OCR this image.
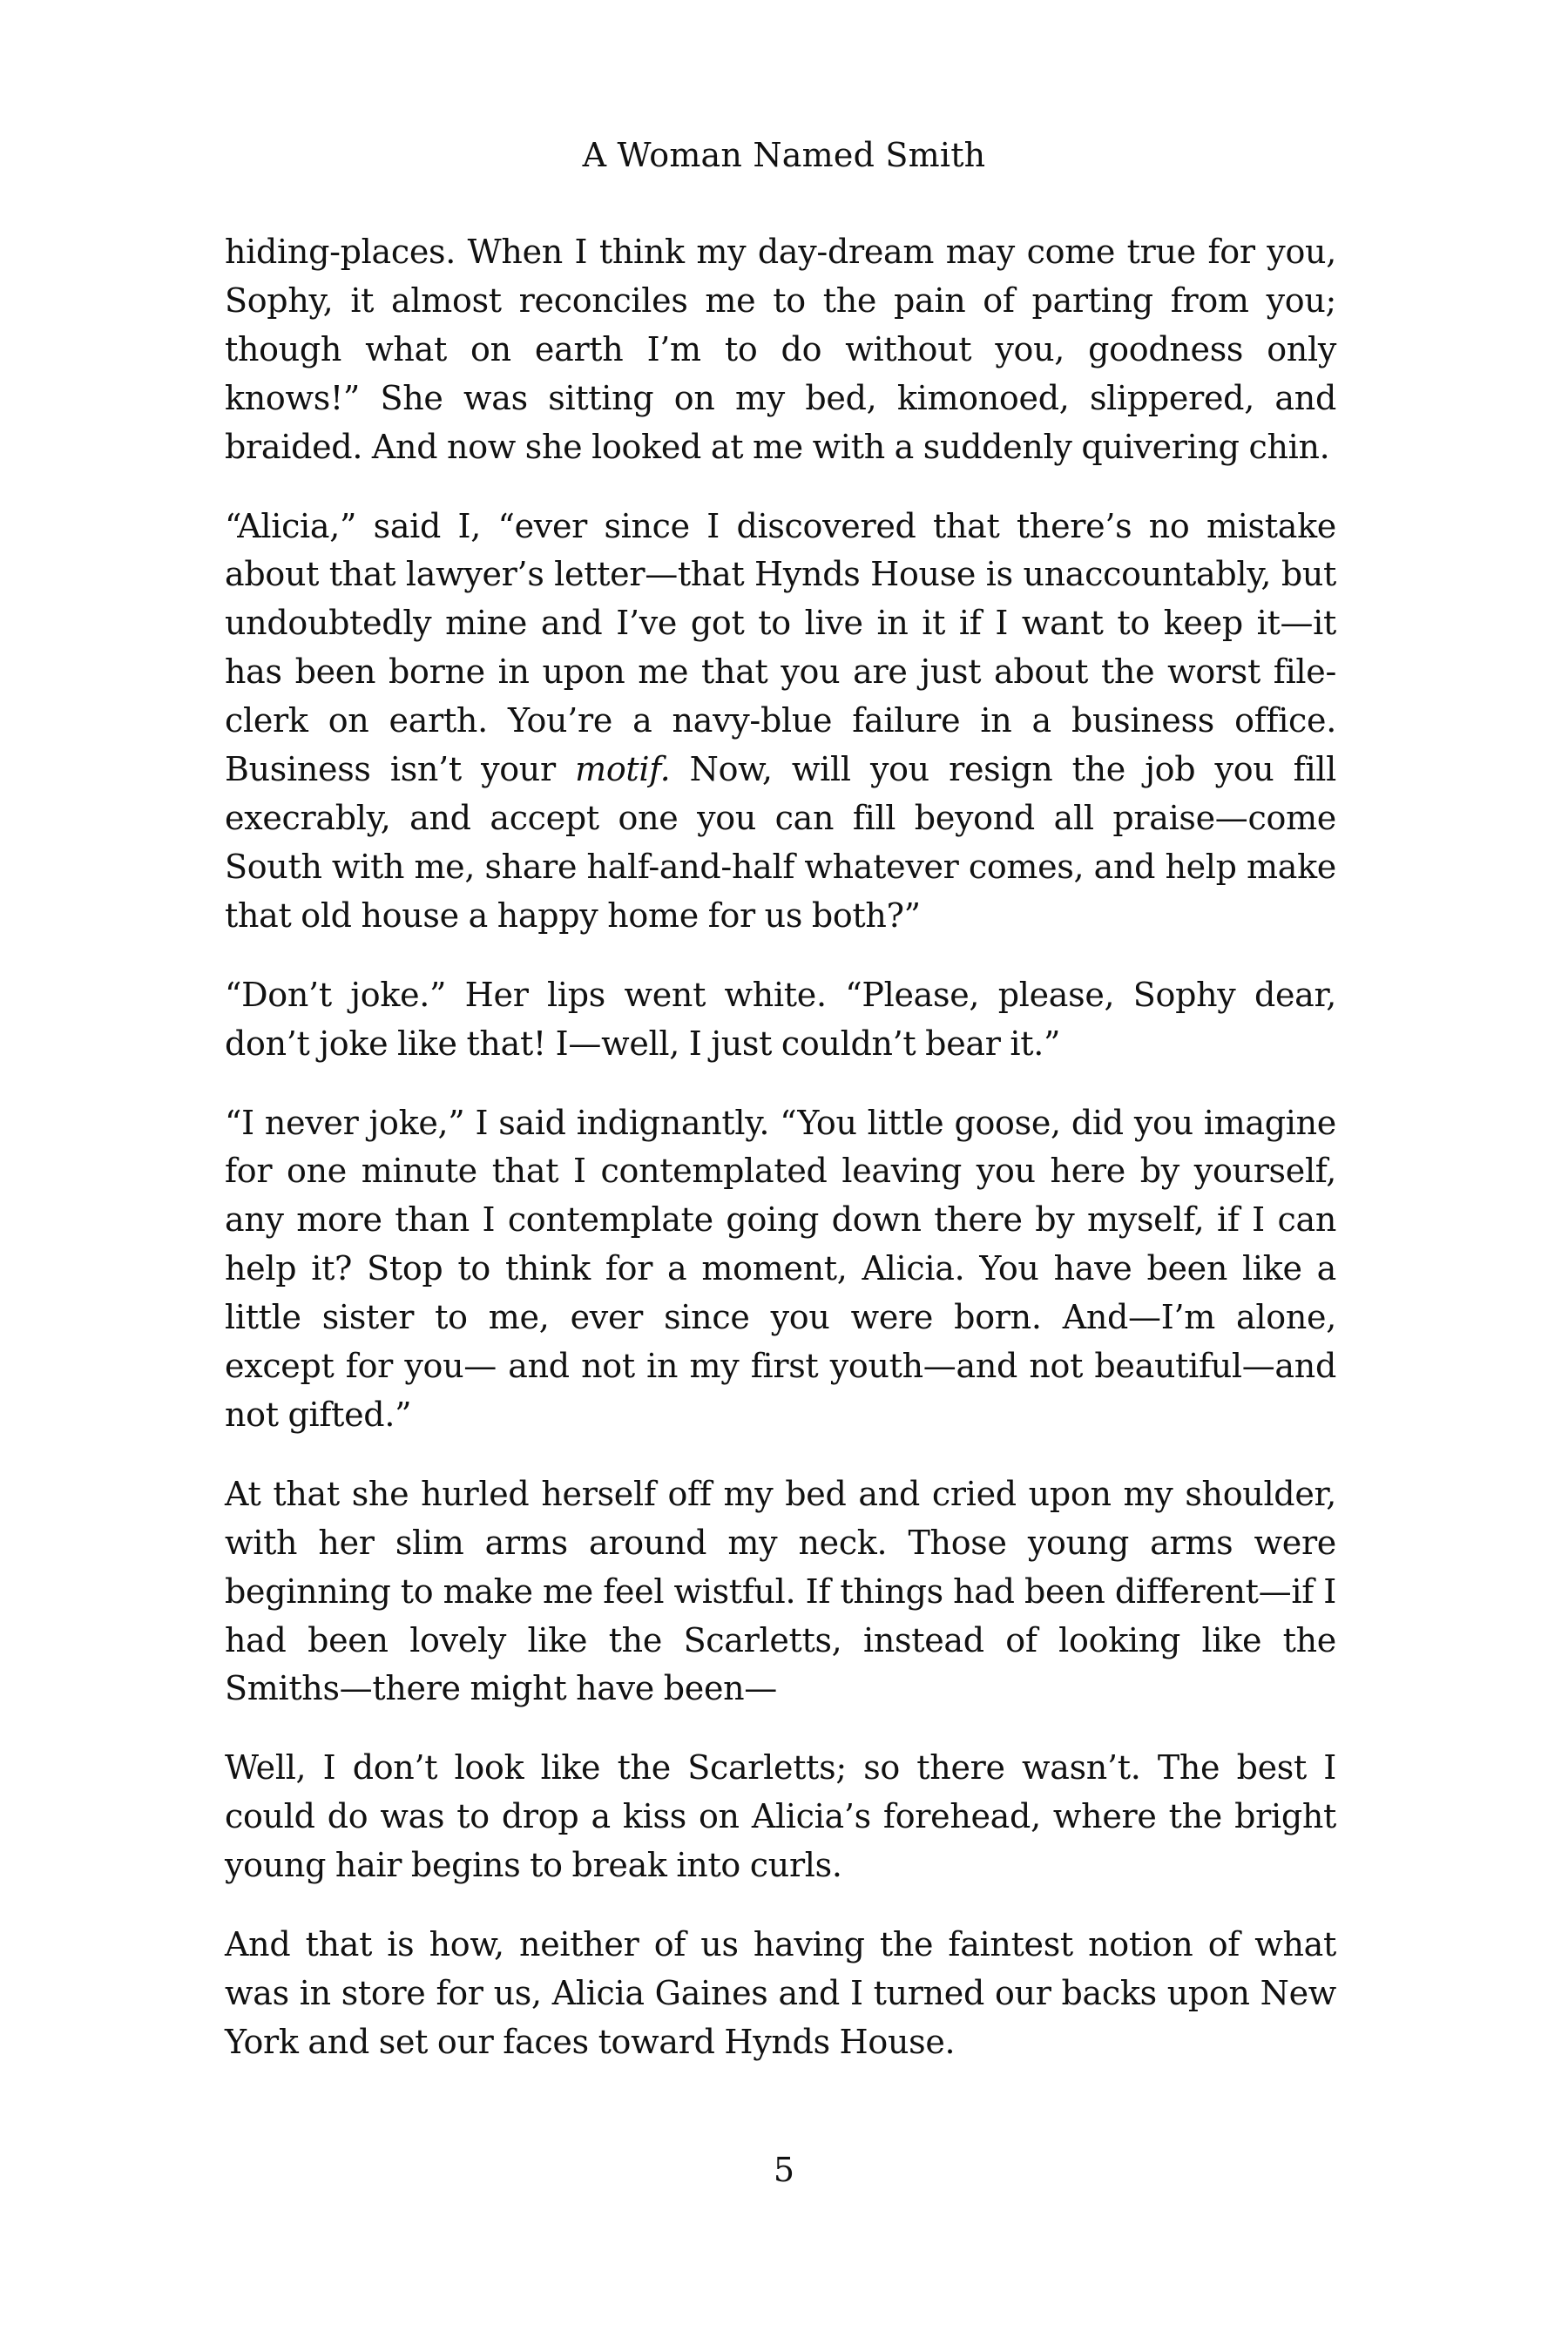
A Woman Named Smith

hiding-places. When I think my day-dream may come true for you, Sophy, it almost reconciles me to the pain of parting from you; though what on earth I’m to do without you, goodness only knows!” She was sitting on my bed, kimonoed, slippered, and braided. And now she looked at me with a suddenly quivering chin.

“Alicia,” said I, “ever since I discovered that there’s no mistake about that lawyer’s letter—that Hynds House is unaccountably, but undoubtedly mine and I’ve got to live in it if I want to keep it—it has been borne in upon me that you are just about the worst file-clerk on earth. You’re a navy-blue failure in a business office. Business isn’t your motif. Now, will you resign the job you fill execrably, and accept one you can fill beyond all praise—come South with me, share half-and-half whatever comes, and help make that old house a happy home for us both?”

“Don’t joke.” Her lips went white. “Please, please, Sophy dear, don’t joke like that! I—well, I just couldn’t bear it.”

“I never joke,” I said indignantly. “You little goose, did you imagine for one minute that I contemplated leaving you here by yourself, any more than I contemplate going down there by myself, if I can help it? Stop to think for a moment, Alicia. You have been like a little sister to me, ever since you were born. And—I’m alone, except for you— and not in my first youth—and not beautiful—and not gifted.”

At that she hurled herself off my bed and cried upon my shoulder, with her slim arms around my neck. Those young arms were beginning to make me feel wistful. If things had been different—if I had been lovely like the Scarletts, instead of looking like the Smiths—there might have been—

Well, I don’t look like the Scarletts; so there wasn’t. The best I could do was to drop a kiss on Alicia’s forehead, where the bright young hair begins to break into curls.

And that is how, neither of us having the faintest notion of what was in store for us, Alicia Gaines and I turned our backs upon New York and set our faces toward Hynds House.

5
